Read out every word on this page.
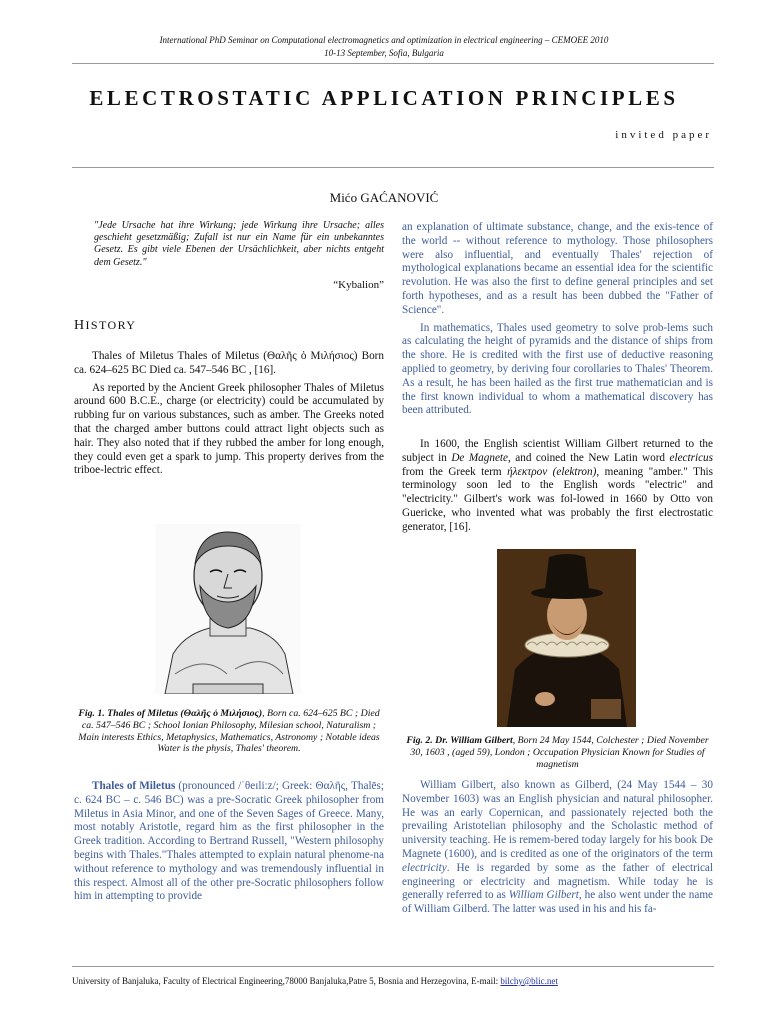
International PhD Seminar on Computational electromagnetics and optimization in electrical engineering – CEMOEE 2010
10-13 September, Sofia, Bulgaria
ELECTROSTATIC APPLICATION PRINCIPLES
invited paper
Mićo GAĆANOVIĆ
"Jede Ursache hat ihre Wirkung; jede Wirkung ihre Ursache; alles geschieht gesetzmäßig; Zufall ist nur ein Name für ein unbekanntes Gesetz. Es gibt viele Ebenen der Ursächlichkeit, aber nichts entgeht dem Gesetz."
“Kybalion”
HISTORY

Thales of Miletus Thales of Miletus (Θαλῆς ὁ Μιλήσιος) Born ca. 624–625 BC Died ca. 547–546 BC , [16].

As reported by the Ancient Greek philosopher Thales of Miletus around 600 B.C.E., charge (or electricity) could be accumulated by rubbing fur on various substances, such as amber. The Greeks noted that the charged amber buttons could attract light objects such as hair. They also noted that if they rubbed the amber for long enough, they could even get a spark to jump. This property derives from the triboe-lectric effect.

Fig. 1. Thales of Miletus (Θαλῆς ὁ Μιλήσιος), Born ca. 624–625 BC ; Died ca. 547–546 BC ; School Ionian Philosophy, Milesian school, Naturalism ; Main interests Ethics, Metaphysics, Mathematics, Astronomy ; Notable ideas Water is the physis, Thales' theorem.

Thales of Miletus (pronounced /ˈθeɪliːz/; Greek: Θαλῆς, Thalēs; c. 624 BC – c. 546 BC) was a pre-Socratic Greek philosopher from Miletus in Asia Minor, and one of the Seven Sages of Greece. Many, most notably Aristotle, regard him as the first philosopher in the Greek tradition. According to Bertrand Russell, "Western philosophy begins with Thales."Thales attempted to explain natural phenome-na without reference to mythology and was tremendously influential in this respect. Almost all of the other pre-Socratic philosophers follow him in attempting to provide

an explanation of ultimate substance, change, and the exis-tence of the world -- without reference to mythology. Those philosophers were also influential, and eventually Thales' rejection of mythological explanations became an essential idea for the scientific revolution. He was also the first to define general principles and set forth hypotheses, and as a result has been dubbed the "Father of Science".

In mathematics, Thales used geometry to solve prob-lems such as calculating the height of pyramids and the distance of ships from the shore. He is credited with the first use of deductive reasoning applied to geometry, by deriving four corollaries to Thales' Theorem. As a result, he has been hailed as the first true mathematician and is the first known individual to whom a mathematical discovery has been attributed.

In 1600, the English scientist William Gilbert returned to the subject in De Magnete, and coined the New Latin word electricus from the Greek term ήλεκτρον (elektron), meaning "amber." This terminology soon led to the English words "electric" and "electricity." Gilbert's work was fol-lowed in 1660 by Otto von Guericke, who invented what was probably the first electrostatic generator, [16].

Fig. 2. Dr. William Gilbert, Born 24 May 1544, Colchester ; Died November 30, 1603 , (aged 59), London ; Occupation Physician Known for Studies of magnetism

William Gilbert, also known as Gilberd, (24 May 1544 – 30 November 1603) was an English physician and natural philosopher. He was an early Copernican, and passionately rejected both the prevailing Aristotelian philosophy and the Scholastic method of university teaching. He is remem-bered today largely for his book De Magnete (1600), and is credited as one of the originators of the term electricity. He is regarded by some as the father of electrical engineering or electricity and magnetism. While today he is generally referred to as William Gilbert, he also went under the name of William Gilberd. The latter was used in his and his fa-

University of Banjaluka, Faculty of Electrical Engineering,78000 Banjaluka,Patre 5, Bosnia and Herzegovina, E-mail: bilchy@blic.net
